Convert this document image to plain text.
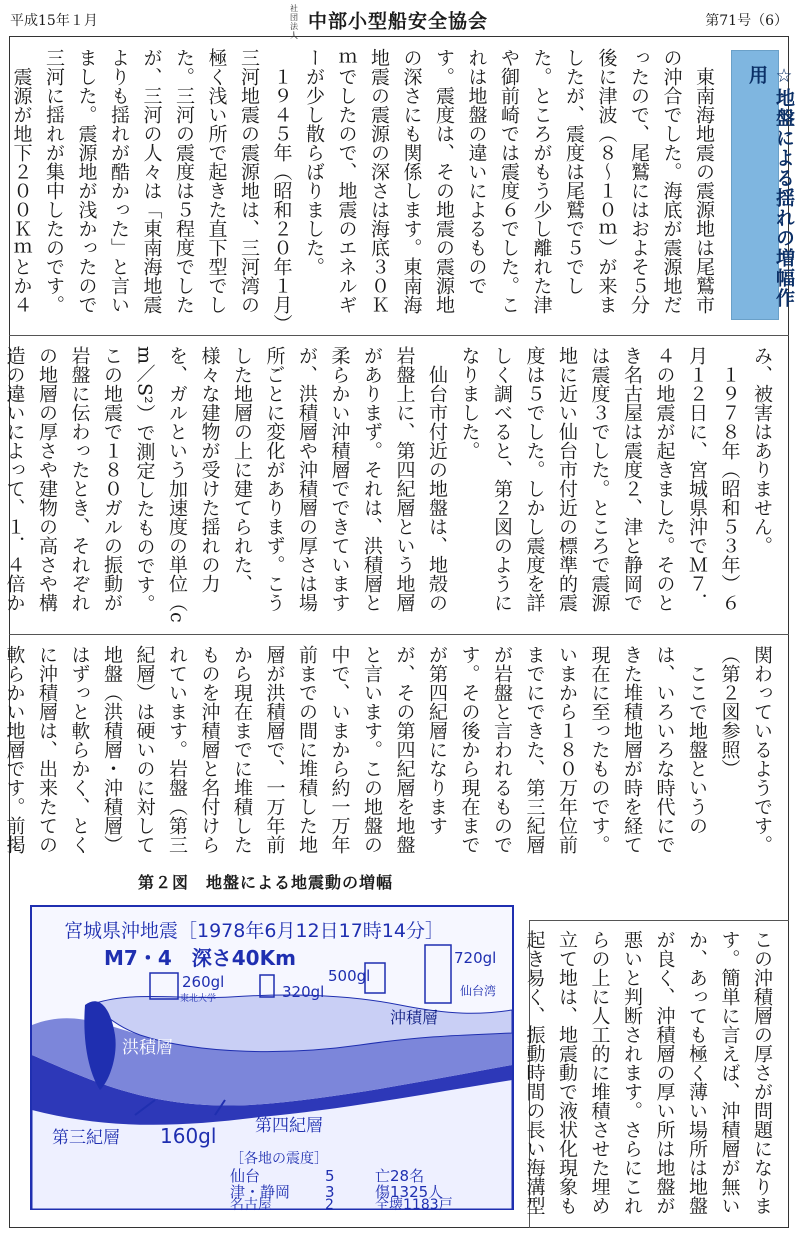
平成15年１月
社団法人中部小型船安全協会	第71号（6）
☆地盤による揺れの増幅作用
　東南海地震の震源地は尾鷲市の沖合でした。海底が震源地だったので、尾鷲にはおよそ５分後に津波（８～１０ｍ）が来ましたが、震度は尾鷲で５でした。ところがもう少し離れた津や御前崎では震度６でした。これは地盤の違いによるものです。震度は、その地震の震源地の深さにも関係します。東南海地震の震源の深さは海底３０Ｋｍでしたので、地震のエネルギーが少し散らばりました。
　１９４５年（昭和２０年１月）三河地震の震源地は、三河湾の極く浅い所で起きた直下型でした。三河の震度は５程度でしたが、三河の人々は「東南海地震よりも揺れが酷かった」と言いました。震源地が浅かったので三河に揺れが集中したのです。
　震源が地下２００Ｋｍとか４
み、被害はありません。
　１９７８年（昭和５３年）６月１２日に、宮城県沖でＭ７．４の地震が起きました。そのとき名古屋は震度２、津と静岡では震度３でした。ところで震源地に近い仙台市付近の標準的震度は５でした。しかし震度を詳しく調べると、第２図のようになりました。
　仙台市付近の地盤は、地殻の岩盤上に、第四紀層という地層がありまず。それは、洪積層と柔らかい沖積層でできていますが、洪積層や沖積層の厚さは場所ごとに変化がありまず。こうした地層の上に建てられた、様々な建物が受けた揺れの力を、ガルという加速度の単位（cm／S²）で測定したものです。この地震で１８０ガルの振動が岩盤に伝わったとき、それぞれの地層の厚さや建物の高さや構造の違いによって、１．４倍か
関わっているようです。（第２図参照）
　ここで地盤というのは、いろいろな時代にできた堆積地層が時を経て現在に至ったものです。いまから１８０万年位前までにできた、第三紀層が岩盤と言われるものです。その後から現在までが第四紀層になりますが、その第四紀層を地盤と言います。この地盤の中で、いまから約一万年前までの間に堆積した地層が洪積層で、一万年前から現在までに堆積したものを沖積層と名付けられています。岩盤（第三紀層）は硬いのに対して地盤（洪積層・沖積層）はずっと軟らかく、とくに沖積層は、出来たての軟らかい地層です。前掲
この沖積層の厚さが問題になります。簡単に言えば、沖積層が無いか、あっても極く薄い場所は地盤が良く、沖積層の厚い所は地盤が悪いと判断されます。さらにこれらの上に人工的に堆積させた埋め立て地は、地震動で液状化現象も起き易く、振動時間の長い海溝型
第２図　地盤による地震動の増幅
宮城県沖地震［1978年6月12日17時14分］
M7・4　深さ40Km
260gl
東北大学	320gl
500gl
720gl
仙台湾
沖積層
洪積層
第四紀層
第三紀層 160gl
［各地の震度］
仙台	5
津・静岡 3
名古屋	2
亡28名
傷1325人
全壊1183戸
